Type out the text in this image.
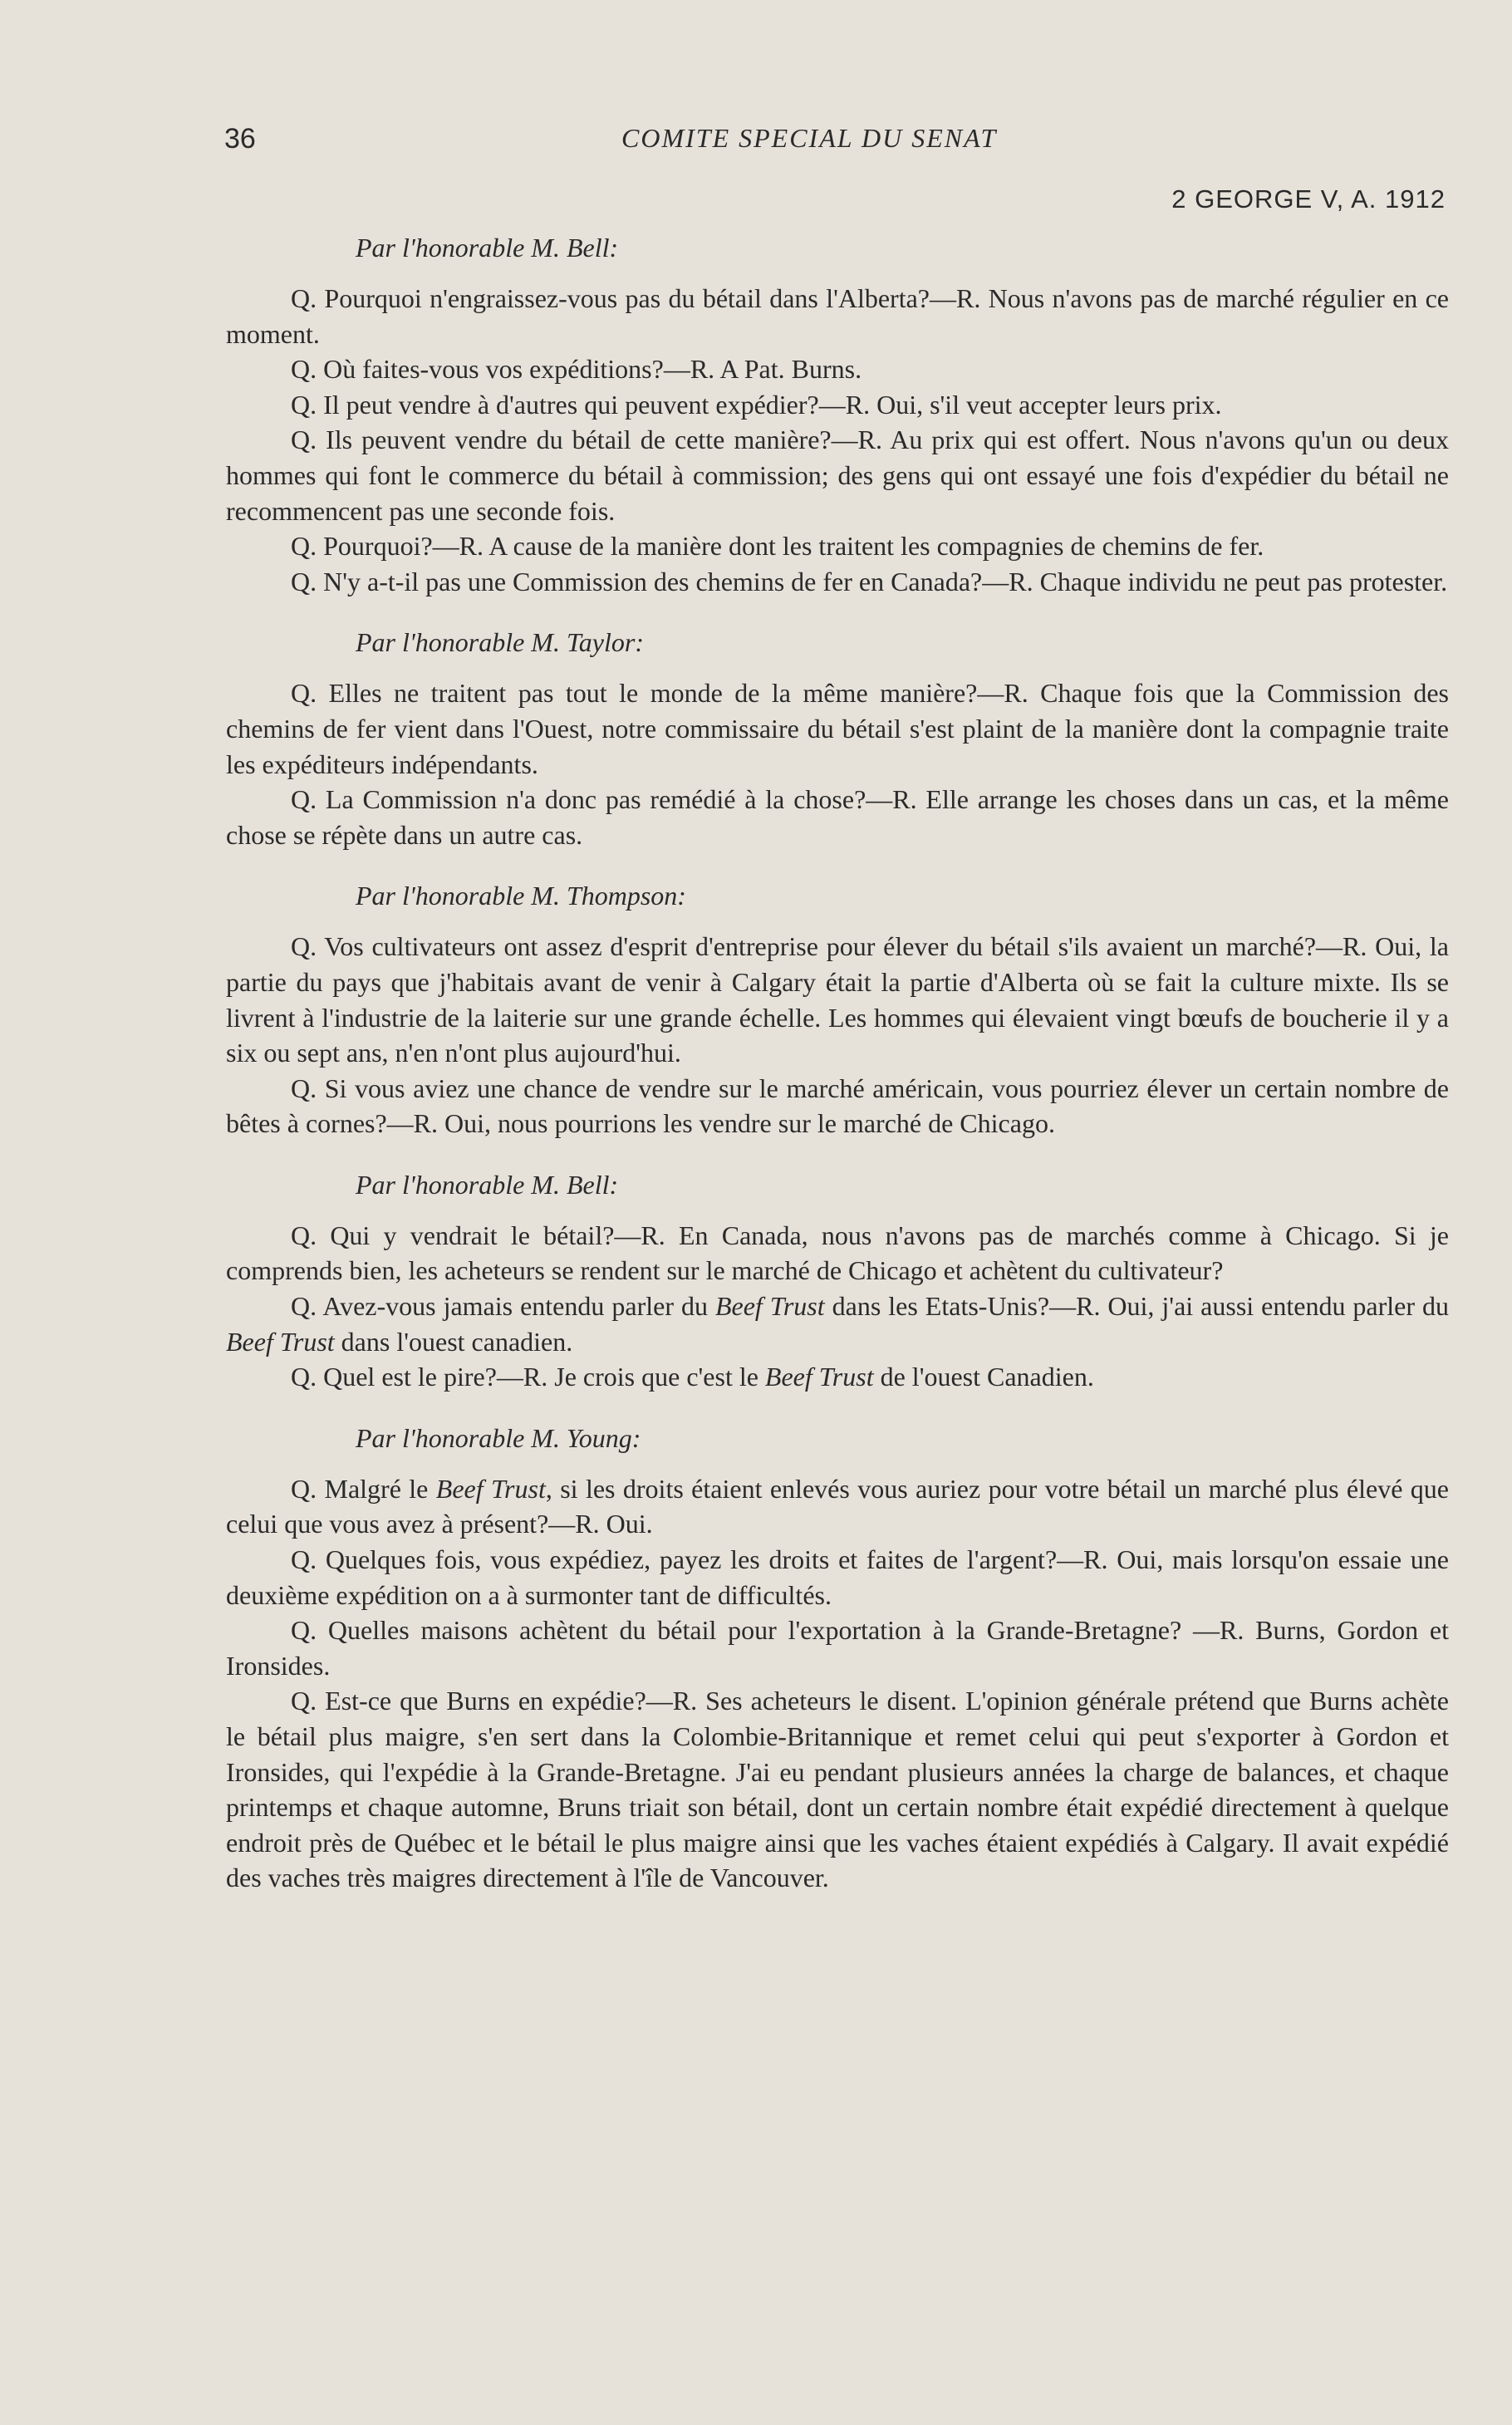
36	COMITE SPECIAL DU SENAT
2 GEORGE V, A. 1912
Par l'honorable M. Bell:

Q. Pourquoi n'engraissez-vous pas du bétail dans l'Alberta?—R. Nous n'avons pas de marché régulier en ce moment.

Q. Où faites-vous vos expéditions?—R. A Pat. Burns.

Q. Il peut vendre à d'autres qui peuvent expédier?—R. Oui, s'il veut accepter leurs prix.

Q. Ils peuvent vendre du bétail de cette manière?—R. Au prix qui est offert. Nous n'avons qu'un ou deux hommes qui font le commerce du bétail à commission; des gens qui ont essayé une fois d'expédier du bétail ne recommencent pas une seconde fois.

Q. Pourquoi?—R. A cause de la manière dont les traitent les compagnies de chemins de fer.

Q. N'y a-t-il pas une Commission des chemins de fer en Canada?—R. Chaque individu ne peut pas protester.

Par l'honorable M. Taylor:

Q. Elles ne traitent pas tout le monde de la même manière?—R. Chaque fois que la Commission des chemins de fer vient dans l'Ouest, notre commissaire du bétail s'est plaint de la manière dont la compagnie traite les expéditeurs indépendants.

Q. La Commission n'a donc pas remédié à la chose?—R. Elle arrange les choses dans un cas, et la même chose se répète dans un autre cas.

Par l'honorable M. Thompson:

Q. Vos cultivateurs ont assez d'esprit d'entreprise pour élever du bétail s'ils avaient un marché?—R. Oui, la partie du pays que j'habitais avant de venir à Calgary était la partie d'Alberta où se fait la culture mixte. Ils se livrent à l'industrie de la laiterie sur une grande échelle. Les hommes qui élevaient vingt bœufs de boucherie il y a six ou sept ans, n'en n'ont plus aujourd'hui.

Q. Si vous aviez une chance de vendre sur le marché américain, vous pourriez élever un certain nombre de bêtes à cornes?—R. Oui, nous pourrions les vendre sur le marché de Chicago.

Par l'honorable M. Bell:

Q. Qui y vendrait le bétail?—R. En Canada, nous n'avons pas de marchés comme à Chicago. Si je comprends bien, les acheteurs se rendent sur le marché de Chicago et achètent du cultivateur?

Q. Avez-vous jamais entendu parler du Beef Trust dans les Etats-Unis?—R. Oui, j'ai aussi entendu parler du Beef Trust dans l'ouest canadien.

Q. Quel est le pire?—R. Je crois que c'est le Beef Trust de l'ouest Canadien.

Par l'honorable M. Young:

Q. Malgré le Beef Trust, si les droits étaient enlevés vous auriez pour votre bétail un marché plus élevé que celui que vous avez à présent?—R. Oui.

Q. Quelques fois, vous expédiez, payez les droits et faites de l'argent?—R. Oui, mais lorsqu'on essaie une deuxième expédition on a à surmonter tant de difficultés.

Q. Quelles maisons achètent du bétail pour l'exportation à la Grande-Bretagne? —R. Burns, Gordon et Ironsides.

Q. Est-ce que Burns en expédie?—R. Ses acheteurs le disent. L'opinion générale prétend que Burns achète le bétail plus maigre, s'en sert dans la Colombie-Britannique et remet celui qui peut s'exporter à Gordon et Ironsides, qui l'expédie à la Grande-Bretagne. J'ai eu pendant plusieurs années la charge de balances, et chaque printemps et chaque automne, Bruns triait son bétail, dont un certain nombre était expédié directement à quelque endroit près de Québec et le bétail le plus maigre ainsi que les vaches étaient expédiés à Calgary. Il avait expédié des vaches très maigres directement à l'île de Vancouver.
